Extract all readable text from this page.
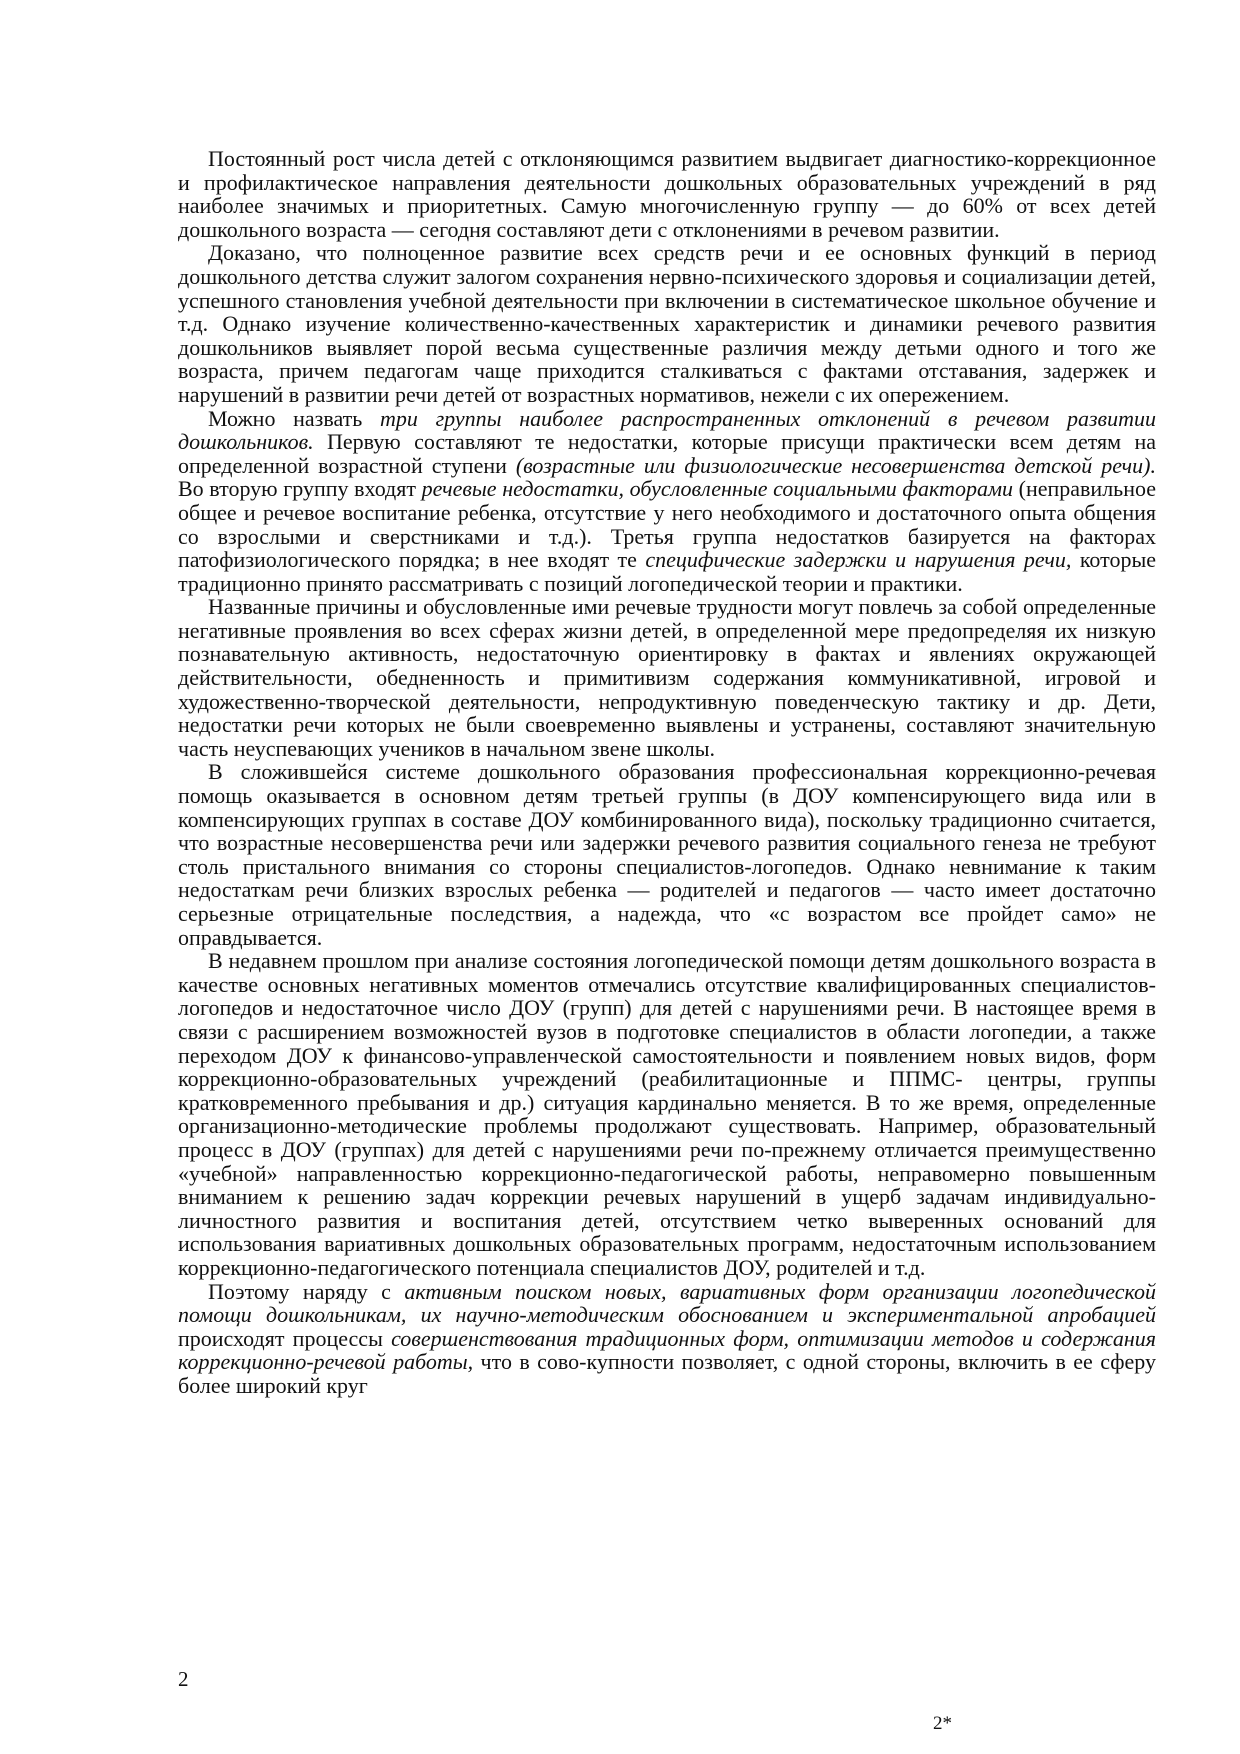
Постоянный рост числа детей с отклоняющимся развитием выдвигает диагностико-коррекционное и профилактическое направления деятельности дошкольных образовательных учреждений в ряд наиболее значимых и приоритетных. Самую многочисленную группу — до 60% от всех детей дошкольного возраста — сегодня составляют дети с отклонениями в речевом развитии.

Доказано, что полноценное развитие всех средств речи и ее основных функций в период дошкольного детства служит залогом сохранения нервно-психического здоровья и социализации детей, успешного становления учебной деятельности при включении в систематическое школьное обучение и т.д. Однако изучение количественно-качественных характеристик и динамики речевого развития дошкольников выявляет порой весьма существенные различия между детьми одного и того же возраста, причем педагогам чаще приходится сталкиваться с фактами отставания, задержек и нарушений в развитии речи детей от возрастных нормативов, нежели с их опережением.

Можно назвать три группы наиболее распространенных отклонений в речевом развитии дошкольников. Первую составляют те недостатки, которые присущи практически всем детям на определенной возрастной ступени (возрастные или физиологические несовершенства детской речи). Во вторую группу входят речевые недостатки, обусловленные социальными факторами (неправильное общее и речевое воспитание ребенка, отсутствие у него необходимого и достаточного опыта общения со взрослыми и сверстниками и т.д.). Третья группа недостатков базируется на факторах патофизиологического порядка; в нее входят те специфические задержки и нарушения речи, которые традиционно принято рассматривать с позиций логопедической теории и практики.

Названные причины и обусловленные ими речевые трудности могут повлечь за собой определенные негативные проявления во всех сферах жизни детей, в определенной мере предопределяя их низкую познавательную активность, недостаточную ориентировку в фактах и явлениях окружающей действительности, обедненность и примитивизм содержания коммуникативной, игровой и художественно-творческой деятельности, непродуктивную поведенческую тактику и др. Дети, недостатки речи которых не были своевременно выявлены и устранены, составляют значительную часть неуспевающих учеников в начальном звене школы.

В сложившейся системе дошкольного образования профессиональная коррекционно-речевая помощь оказывается в основном детям третьей группы (в ДОУ компенсирующего вида или в компенсирующих группах в составе ДОУ комбинированного вида), поскольку традиционно считается, что возрастные несовершенства речи или задержки речевого развития социального генеза не требуют столь пристального внимания со стороны специалистов-логопедов. Однако невнимание к таким недостаткам речи близких взрослых ребенка — родителей и педагогов — часто имеет достаточно серьезные отрицательные последствия, а надежда, что «с возрастом все пройдет само» не оправдывается.

В недавнем прошлом при анализе состояния логопедической помощи детям дошкольного возраста в качестве основных негативных моментов отмечались отсутствие квалифицированных специалистов-логопедов и недостаточное число ДОУ (групп) для детей с нарушениями речи. В настоящее время в связи с расширением возможностей вузов в подготовке специалистов в области логопедии, а также переходом ДОУ к финансово-управленческой самостоятельности и появлением новых видов, форм коррекционно-образовательных учреждений (реабилитационные и ППМС- центры, группы кратковременного пребывания и др.) ситуация кардинально меняется. В то же время, определенные организационно-методические проблемы продолжают существовать. Например, образовательный процесс в ДОУ (группах) для детей с нарушениями речи по-прежнему отличается преимущественно «учебной» направленностью коррекционно-педагогической работы, неправомерно повышенным вниманием к решению задач коррекции речевых нарушений в ущерб задачам индивидуально-личностного развития и воспитания детей, отсутствием четко выверенных оснований для использования вариативных дошкольных образовательных программ, недостаточным использованием коррекционно-педагогического потенциала специалистов ДОУ, родителей и т.д.

Поэтому наряду с активным поиском новых, вариативных форм организации логопедической помощи дошкольникам, их научно-методическим обоснованием и экспериментальной апробацией происходят процессы совершенствования традиционных форм, оптимизации методов и содержания коррекционно-речевой работы, что в сово-купности позволяет, с одной стороны, включить в ее сферу более широкий круг

2
2*
